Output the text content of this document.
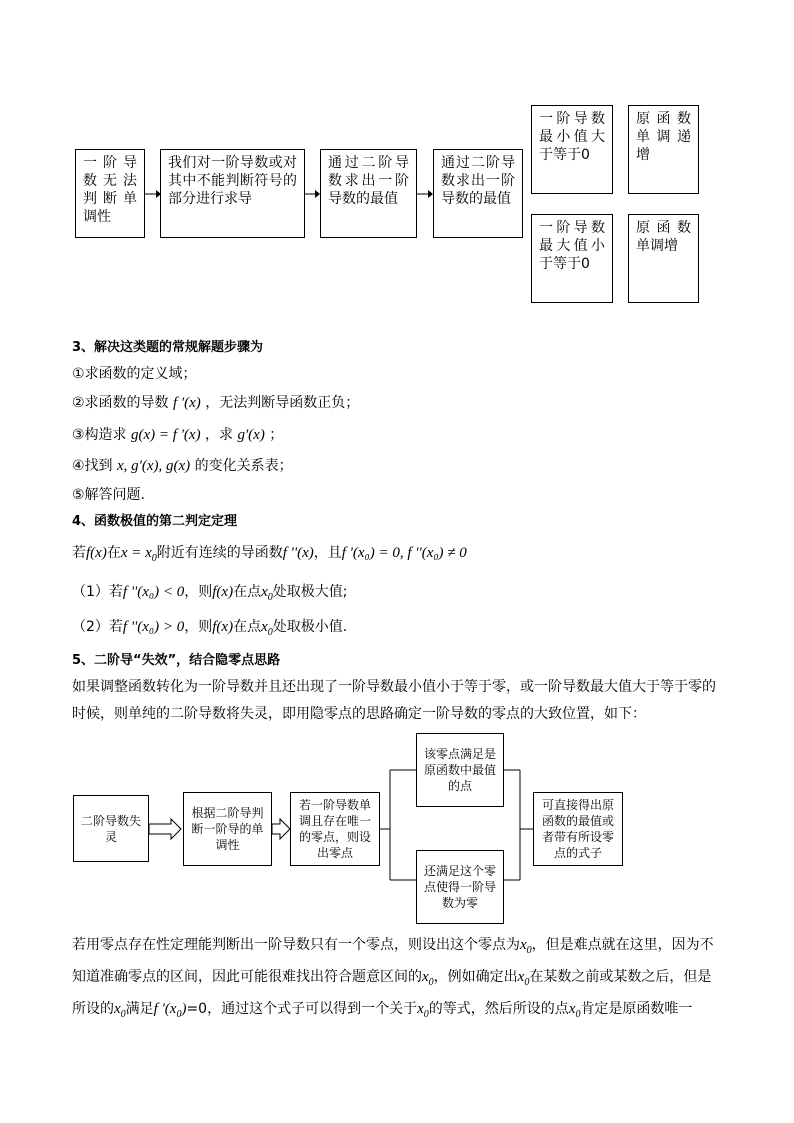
一阶导数无法判断单调性
我们对一阶导数或对其中不能判断符号的部分进行求导
通过二阶导数求出一阶导数的最值
通过二阶导数求出一阶导数的最值
一阶导数最小值大于等于0
原函数单调递增
一阶导数最大值小于等于0
原函数单调增
3、解决这类题的常规解题步骤为
①求函数的定义域；
②求函数的导数 f '(x) ，无法判断导函数正负；
③构造求 g(x) = f '(x) ，求 g'(x) ；
④找到 x, g'(x), g(x) 的变化关系表；
⑤解答问题.
4、函数极值的第二判定定理
若f(x)在$x = x_0$附近有连续的导函数f ''(x)，且f '(x₀) = 0, f ''(x₀) ≠ 0
（1）若f ''(x₀) < 0，则f(x)在点$x_0$处取极大值;
（2）若f ''(x₀) > 0，则f(x)在点$x_0$处取极小值.
5、二阶导“失效”，结合隐零点思路
如果调整函数转化为一阶导数并且还出现了一阶导数最小值小于等于零，或一阶导数最大值大于等于零的时候，则单纯的二阶导数将失灵，即用隐零点的思路确定一阶导数的零点的大致位置，如下：
二阶导数失灵
根据二阶导判断一阶导的单调性
若一阶导数单调且存在唯一的零点，则设出零点
该零点满足是原函数中最值的点
还满足这个零点使得一阶导数为零
可直接得出原函数的最值或者带有所设零点的式子
若用零点存在性定理能判断出一阶导数只有一个零点，则设出这个零点为$x_0$，但是难点就在这里，因为不知道准确零点的区间，因此可能很难找出符合题意区间的$x_0$，例如确定出$x_0$在某数之前或某数之后，但是所设的$x_0$满足f '$(x_0)=0$，通过这个式子可以得到一个关于$x_0$的等式，然后所设的点$x_0$肯定是原函数唯一
